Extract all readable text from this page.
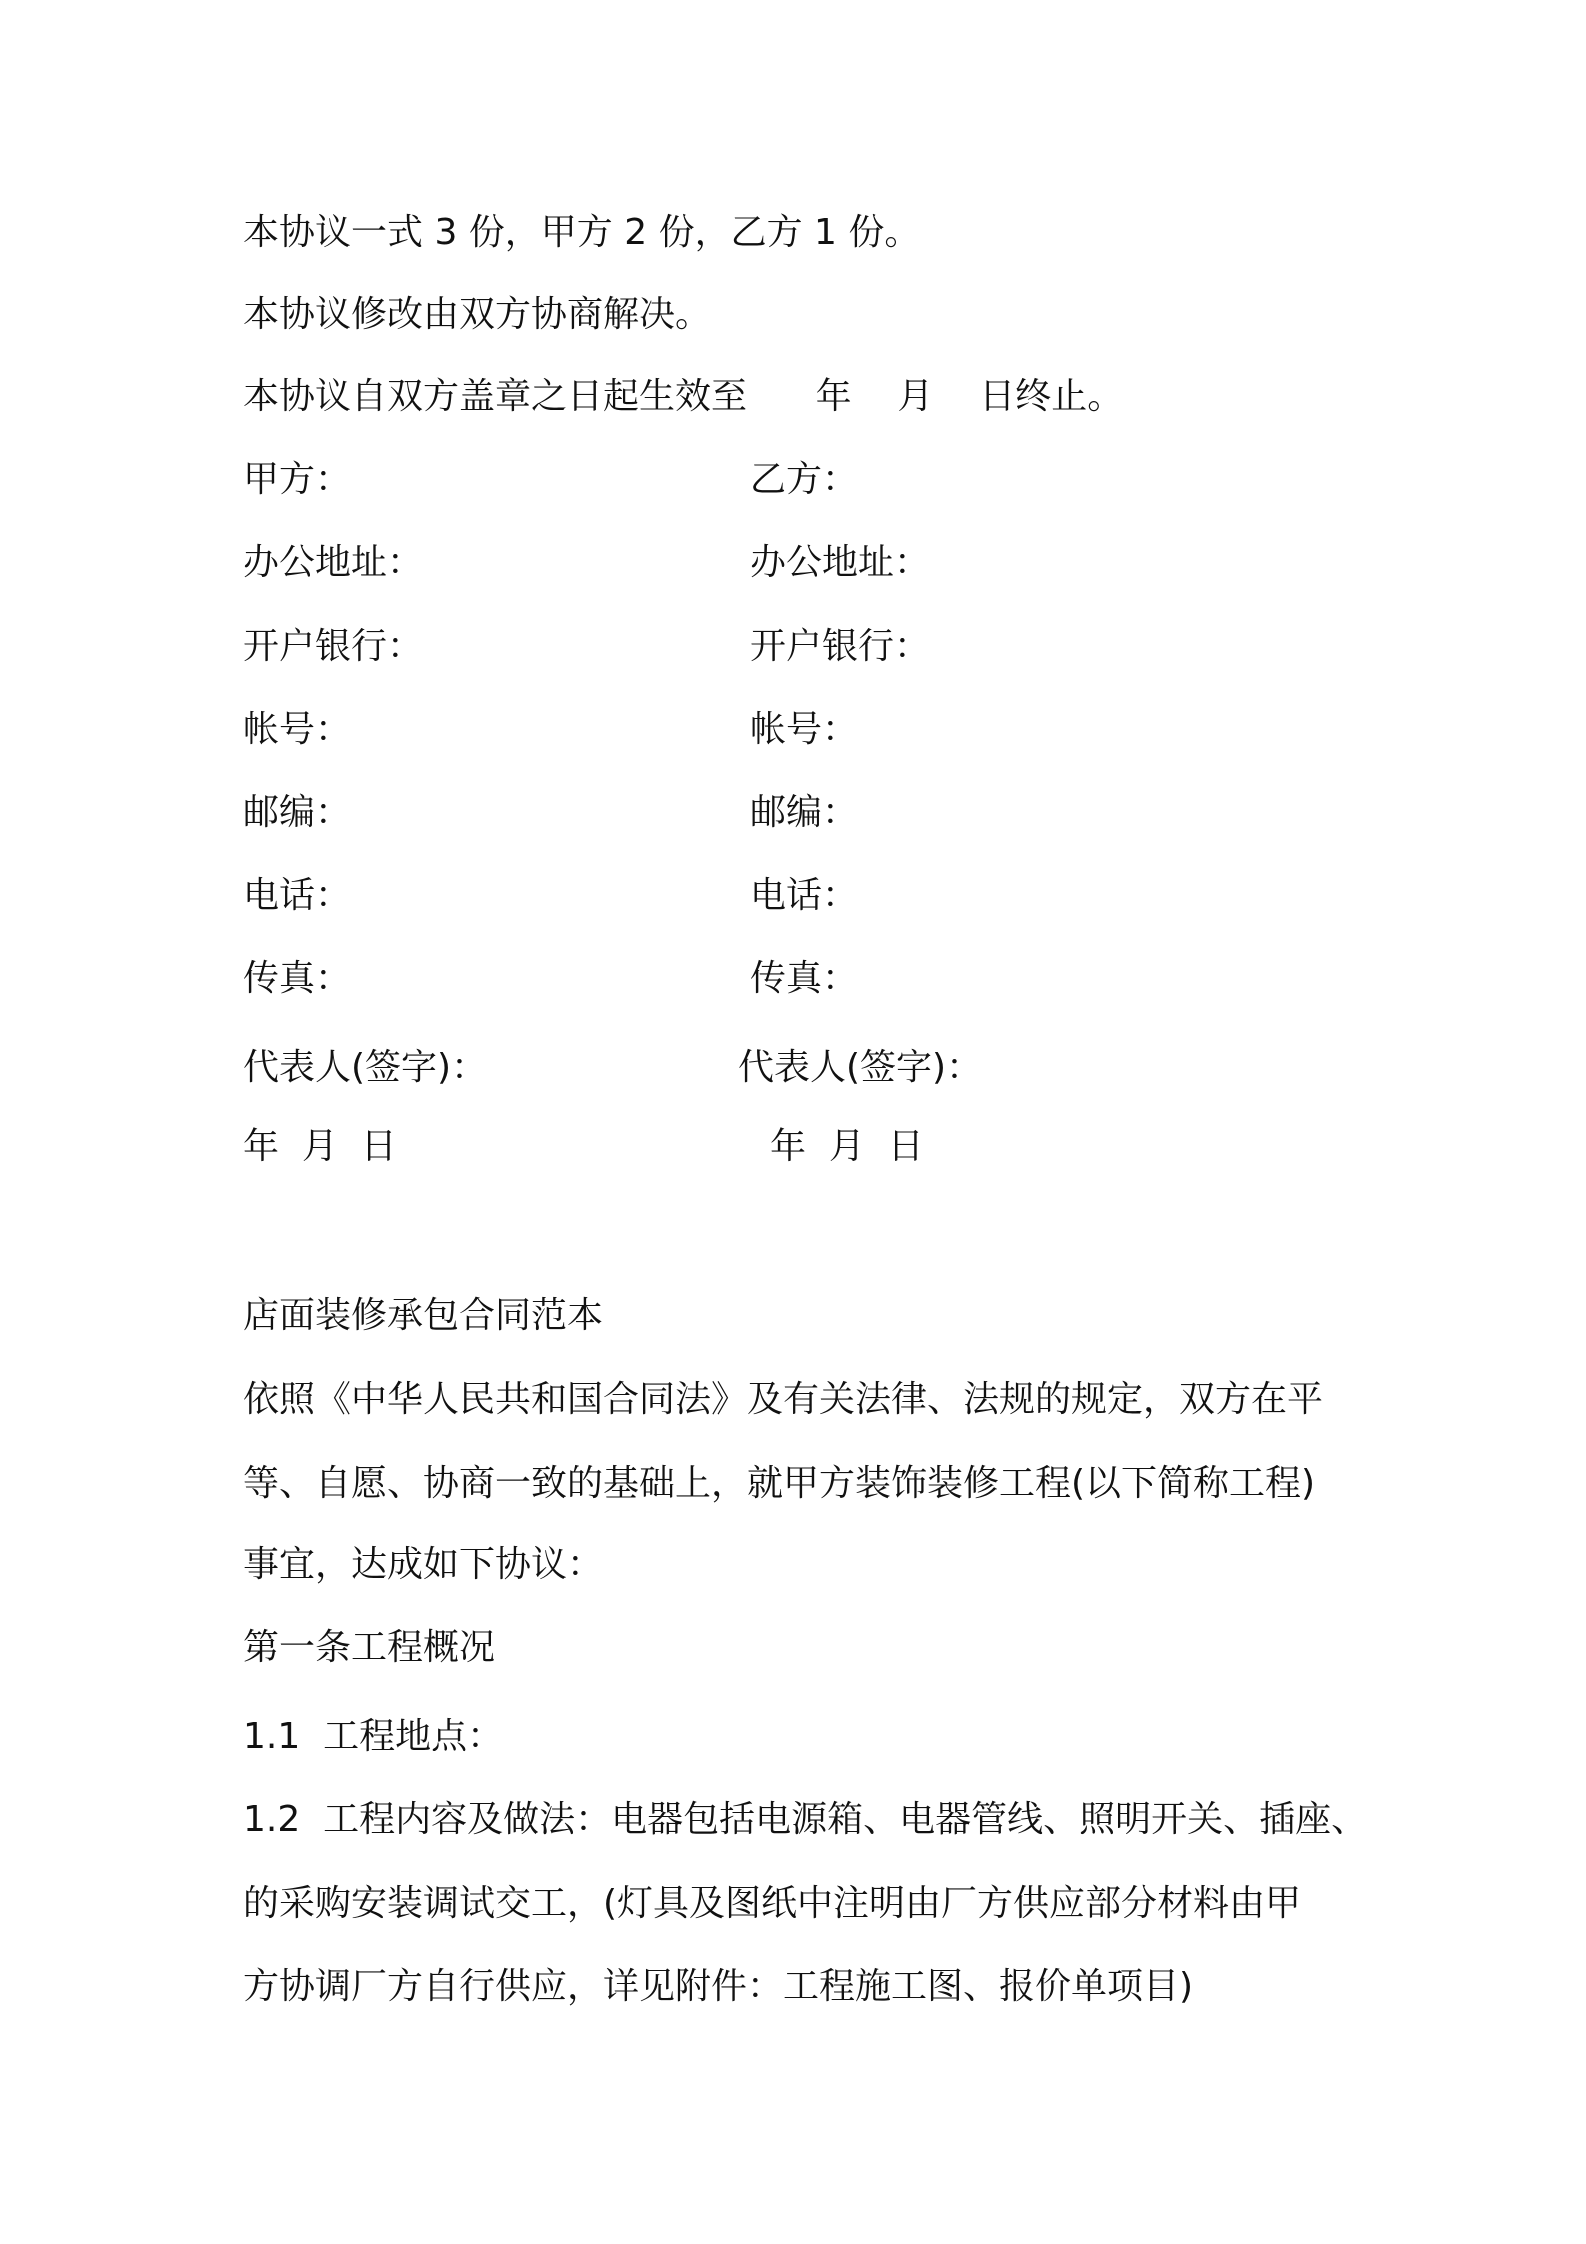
本协议一式 3 份，甲方 2 份，乙方 1 份。
本协议修改由双方协商解决。
本协议自双方盖章之日起生效至      年    月    日终止。
甲方：	乙方：
办公地址：	办公地址：
开户银行：	开户银行：
帐号：	帐号：
邮编：	邮编：
电话：	电话：
传真：	传真：
代表人(签字)：	代表人(签字)：
年  月  日	年  月  日
店面装修承包合同范本
依照《中华人民共和国合同法》及有关法律、法规的规定，双方在平
等、自愿、协商一致的基础上，就甲方装饰装修工程(以下简称工程)
事宜，达成如下协议：
第一条工程概况
1.1  工程地点：
1.2  工程内容及做法：电器包括电源箱、电器管线、照明开关、插座、
的采购安装调试交工，(灯具及图纸中注明由厂方供应部分材料由甲
方协调厂方自行供应，详见附件：工程施工图、报价单项目)
